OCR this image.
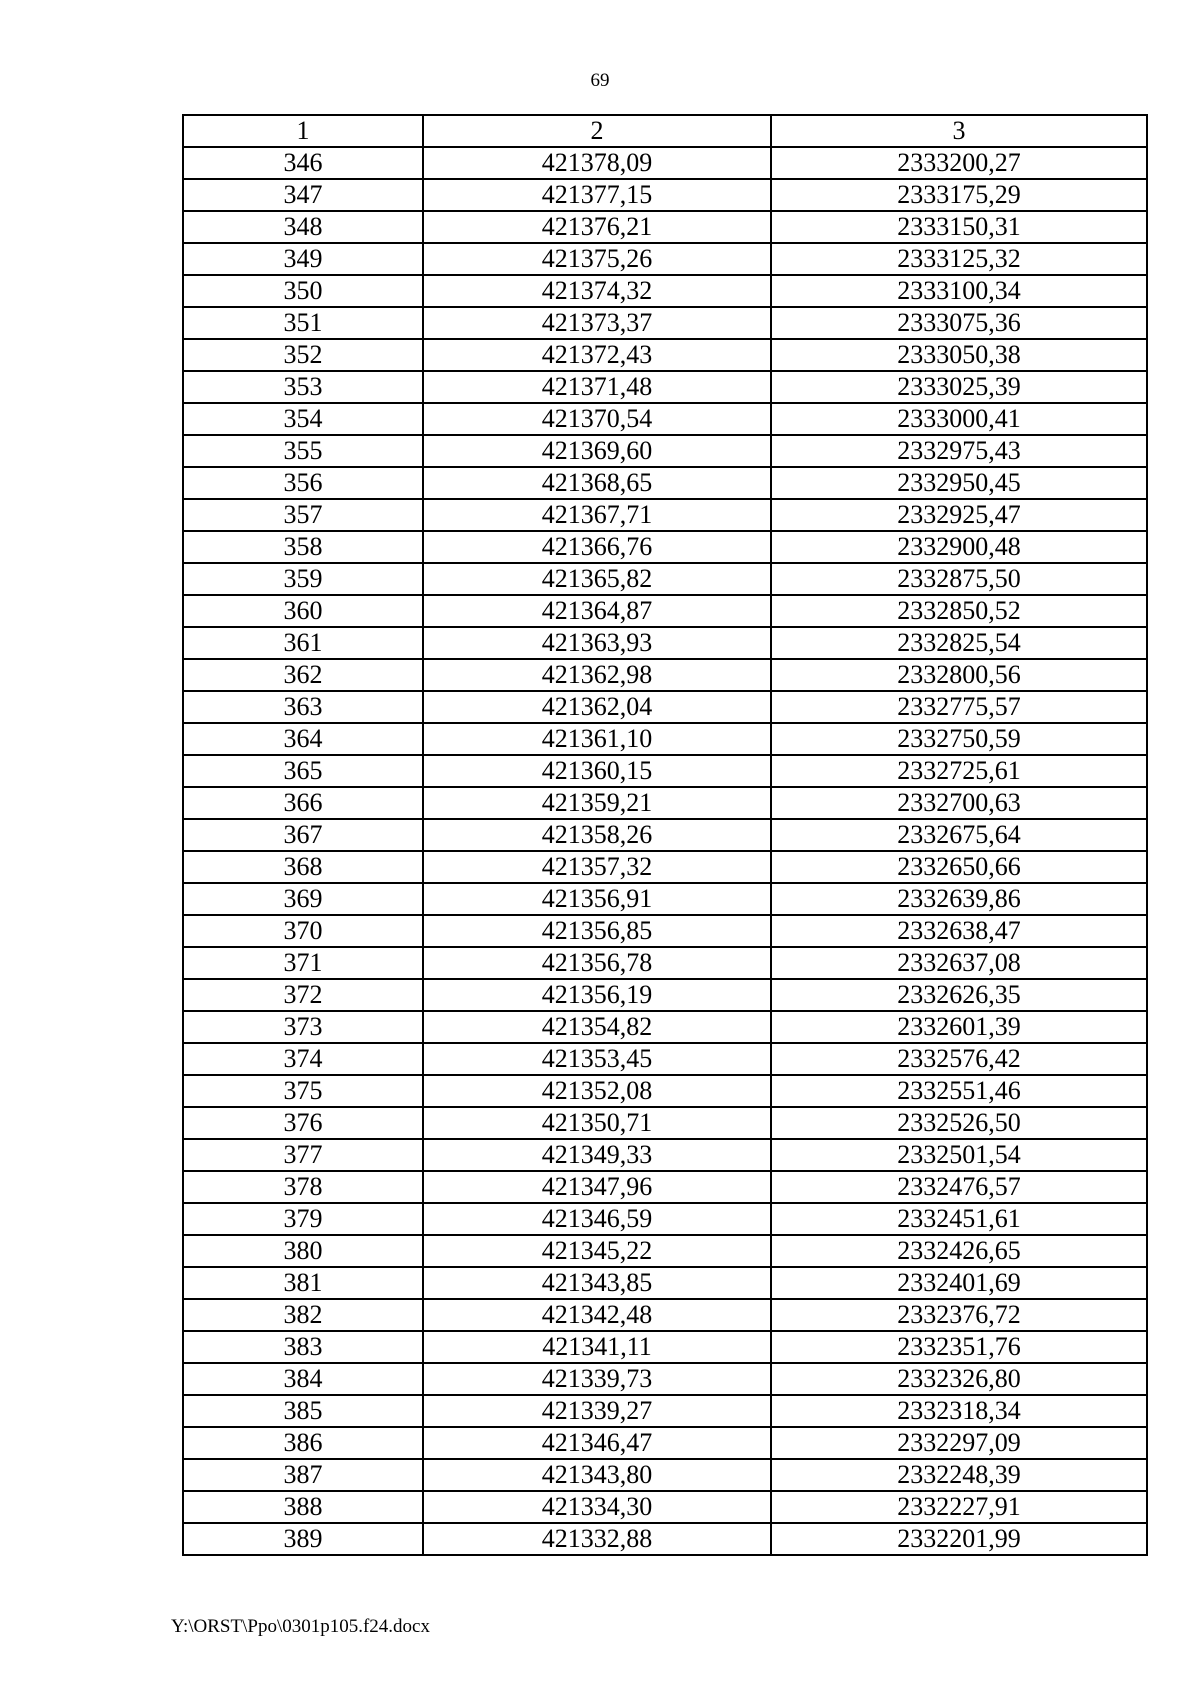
69
1	2	3
346	421378,09	2333200,27
347	421377,15	2333175,29
348	421376,21	2333150,31
349	421375,26	2333125,32
350	421374,32	2333100,34
351	421373,37	2333075,36
352	421372,43	2333050,38
353	421371,48	2333025,39
354	421370,54	2333000,41
355	421369,60	2332975,43
356	421368,65	2332950,45
357	421367,71	2332925,47
358	421366,76	2332900,48
359	421365,82	2332875,50
360	421364,87	2332850,52
361	421363,93	2332825,54
362	421362,98	2332800,56
363	421362,04	2332775,57
364	421361,10	2332750,59
365	421360,15	2332725,61
366	421359,21	2332700,63
367	421358,26	2332675,64
368	421357,32	2332650,66
369	421356,91	2332639,86
370	421356,85	2332638,47
371	421356,78	2332637,08
372	421356,19	2332626,35
373	421354,82	2332601,39
374	421353,45	2332576,42
375	421352,08	2332551,46
376	421350,71	2332526,50
377	421349,33	2332501,54
378	421347,96	2332476,57
379	421346,59	2332451,61
380	421345,22	2332426,65
381	421343,85	2332401,69
382	421342,48	2332376,72
383	421341,11	2332351,76
384	421339,73	2332326,80
385	421339,27	2332318,34
386	421346,47	2332297,09
387	421343,80	2332248,39
388	421334,30	2332227,91
389	421332,88	2332201,99
Y:\ORST\Ppo\0301p105.f24.docx
